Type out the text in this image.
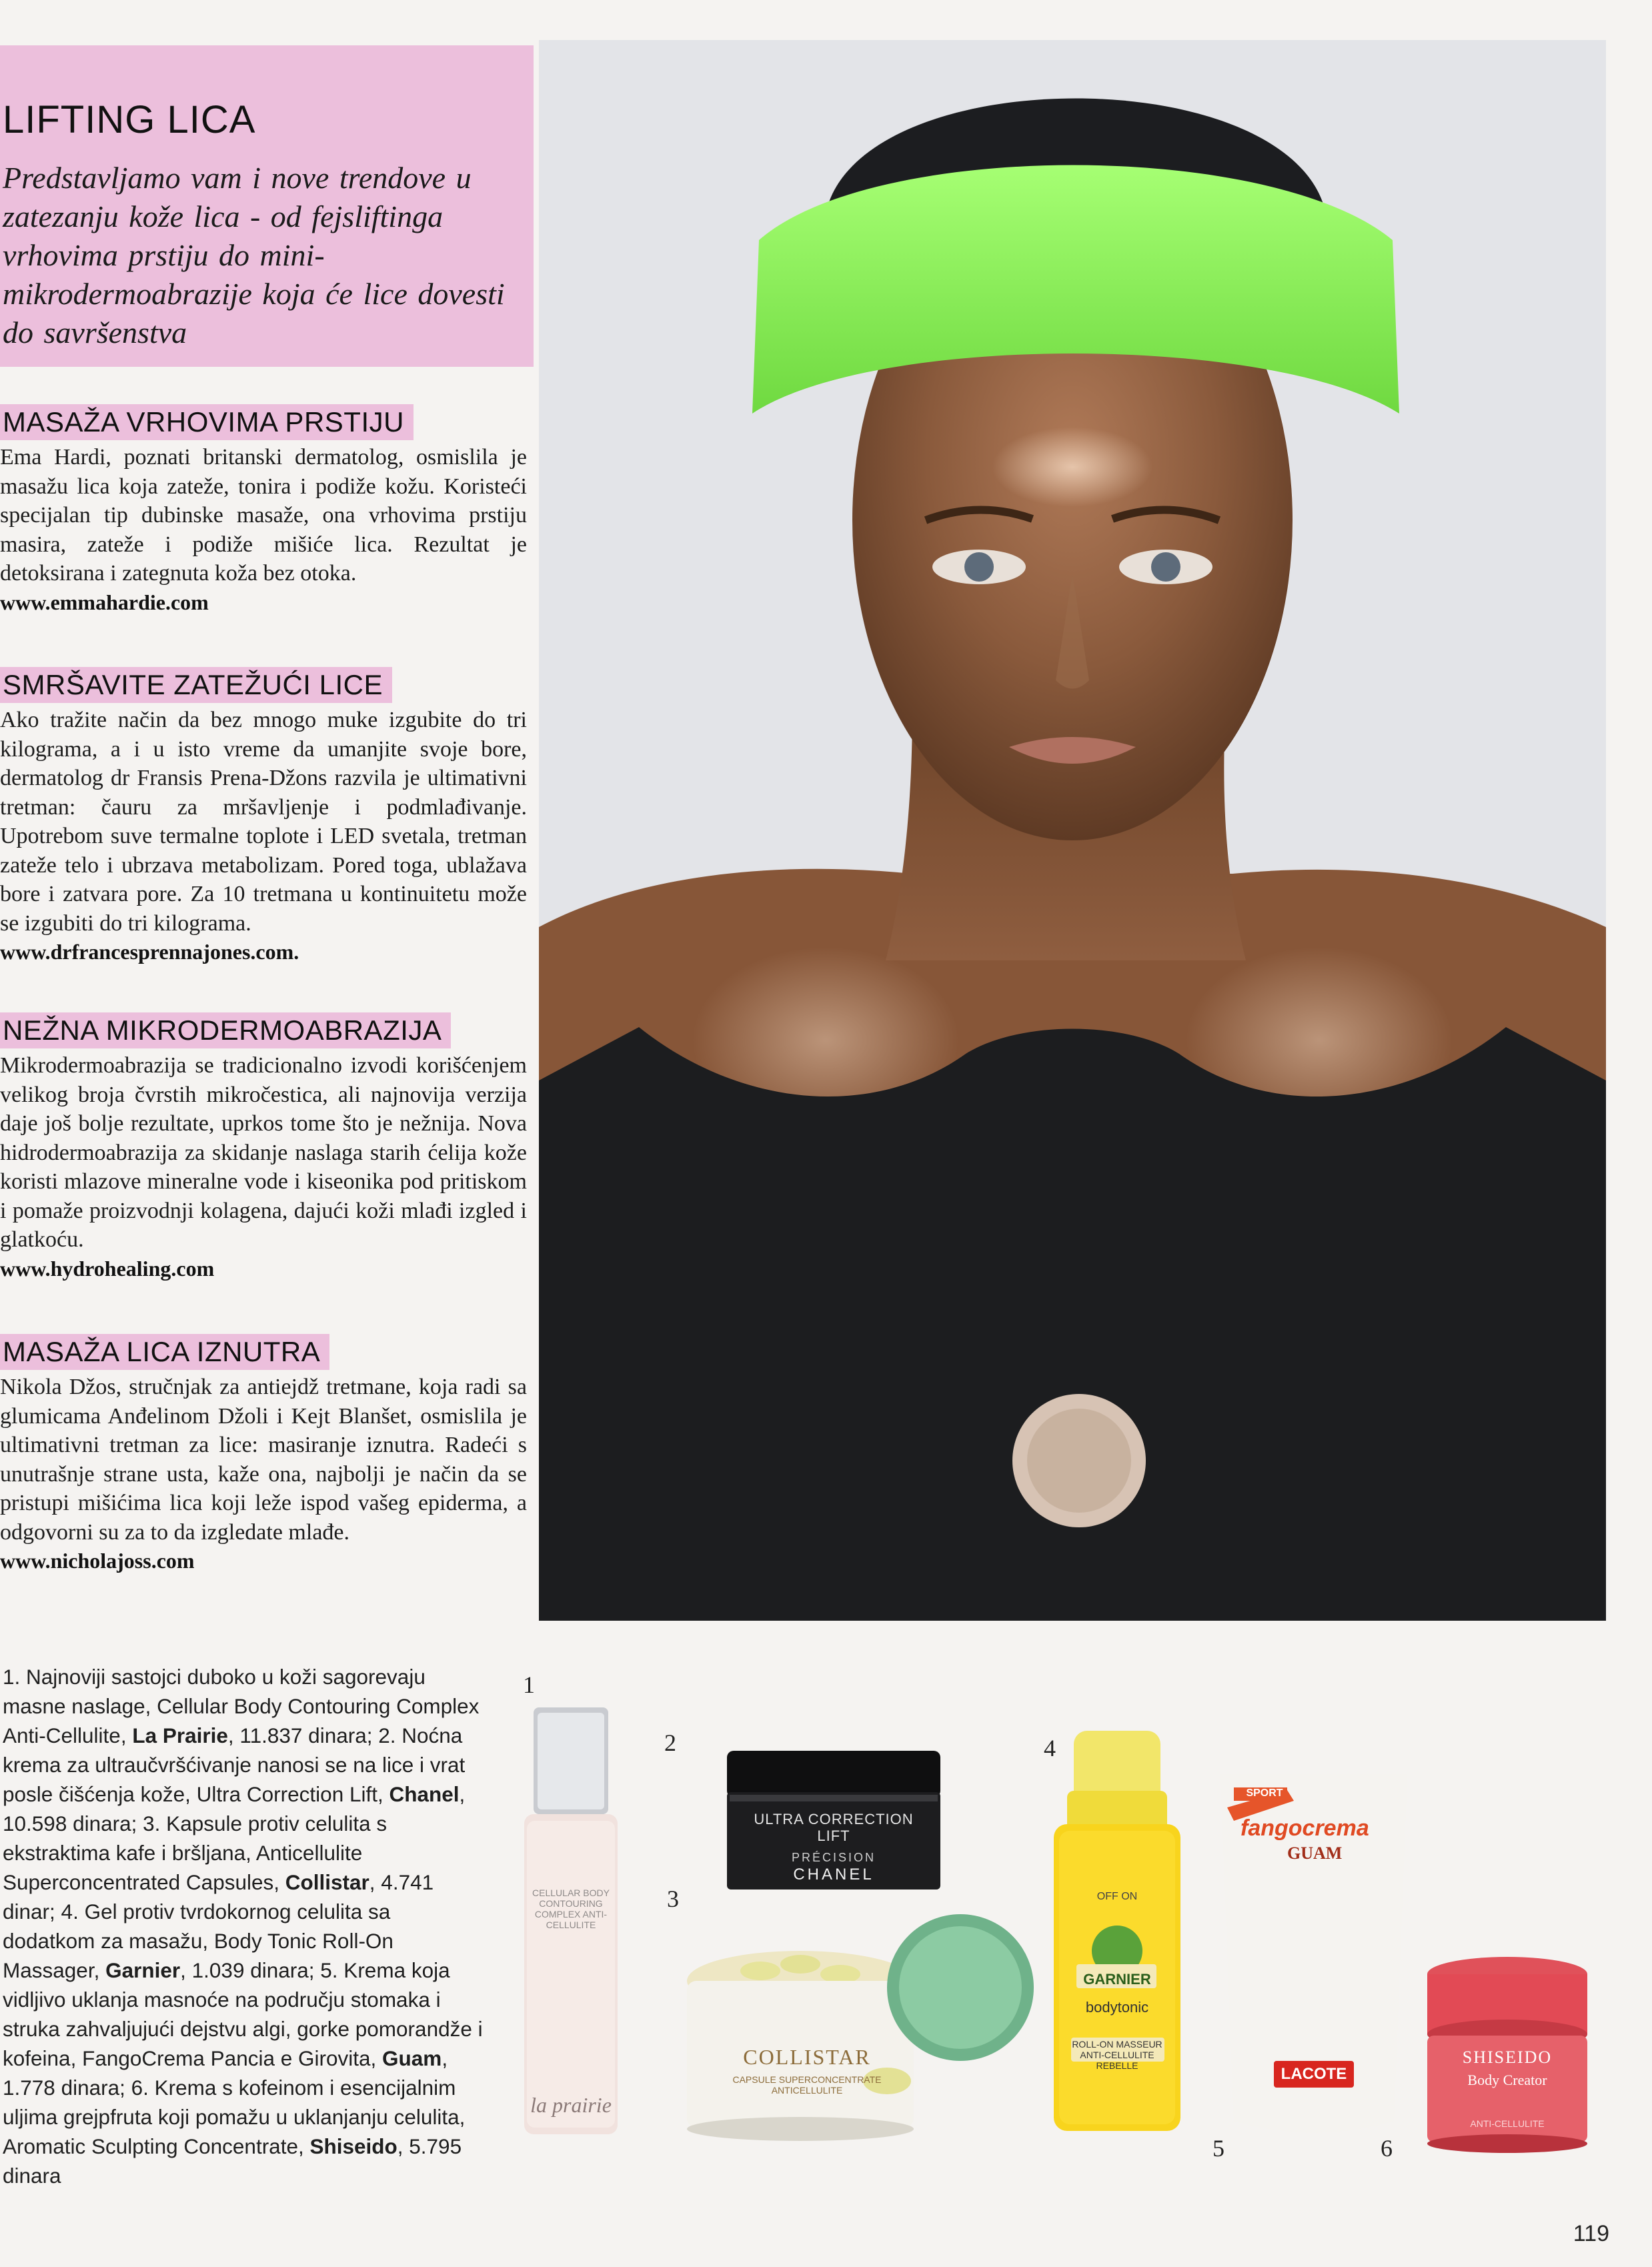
LIFTING LICA
Predstavljamo vam i nove trendove u zatezanju kože lica - od fejsliftinga vrhovima prstiju do mini-mikrodermoabrazije koja će lice dovesti do savršenstva
MASAŽA VRHOVIMA PRSTIJU
Ema Hardi, poznati britanski dermatolog, osmislila je masažu lica koja zateže, tonira i podiže kožu. Koristeći specijalan tip dubinske masaže, ona vrhovima prstiju masira, zateže i podiže mišiće lica. Rezultat je detoksirana i zategnuta koža bez otoka.
www.emmahardie.com
SMRŠAVITE ZATEŽUĆI LICE
Ako tražite način da bez mnogo muke izgubite do tri kilograma, a i u isto vreme da umanjite svoje bore, dermatolog dr Fransis Prena-Džons razvila je ultimativni tretman: čauru za mršavljenje i podmlađivanje. Upotrebom suve termalne toplote i LED svetala, tretman zateže telo i ubrzava metabolizam. Pored toga, ublažava bore i zatvara pore. Za 10 tretmana u kontinuitetu može se izgubiti do tri kilograma.
www.drfrancesprennajones.com.
NEŽNA MIKRODERMOABRAZIJA
Mikrodermoabrazija se tradicionalno izvodi korišćenjem velikog broja čvrstih mikročestica, ali najnovija verzija daje još bolje rezultate, uprkos tome što je nežnija. Nova hidrodermoabrazija za skidanje naslaga starih ćelija kože koristi mlazove mineralne vode i kiseonika pod pritiskom i pomaže proizvodnji kolagena, dajući koži mlađi izgled i glatkoću.
www.hydrohealing.com
MASAŽA LICA IZNUTRA
Nikola Džos, stručnjak za antiejdž tretmane, koja radi sa glumicama Anđelinom Džoli i Kejt Blanšet, osmislila je ultimativni tretman za lice: masiranje iznutra. Radeći s unutrašnje strane usta, kaže ona, najbolji je način da se pristupi mišićima lica koji leže ispod vašeg epiderma, a odgovorni su za to da izgledate mlađe.
www.nicholajoss.com
1. Najnoviji sastojci duboko u koži sagorevaju masne naslage, Cellular Body Contouring Complex Anti-Cellulite, La Prairie, 11.837 dinara; 2. Noćna krema za ultraučvršćivanje nanosi se na lice i vrat posle čišćenja kože, Ultra Correction Lift, Chanel, 10.598 dinara; 3. Kapsule protiv celulita s ekstraktima kafe i bršljana, Anticellulite Superconcentrated Capsules, Collistar, 4.741 dinar; 4. Gel protiv tvrdokornog celulita sa dodatkom za masažu, Body Tonic Roll-On Massager, Garnier, 1.039 dinara; 5. Krema koja vidljivo uklanja masnoće na području stomaka i struka zahvaljujući dejstvu algi, gorke pomorandže i kofeina, FangoCrema Pancia e Girovita, Guam, 1.778 dinara; 6. Krema s kofeinom i esencijalnim uljima grejpfruta koji pomažu u uklanjanju celulita, Aromatic Sculpting Concentrate, Shiseido, 5.795 dinara
1
2
3
4
5	6
CELLULAR BODY CONTOURING COMPLEX ANTI-CELLULITE
la prairie
ULTRA CORRECTION
LIFT
PRÉCISION
CHANEL
COLLISTAR
CAPSULE SUPERCONCENTRATE ANTICELLULITE
OFF ON
GARNIER
bodytonic
ROLL-ON MASSEUR ANTI-CELLULITE REBELLE
SPORT
fangocrema
GUAM
LACOTE
SHISEIDO
Body Creator
ANTI-CELLULITE
119
